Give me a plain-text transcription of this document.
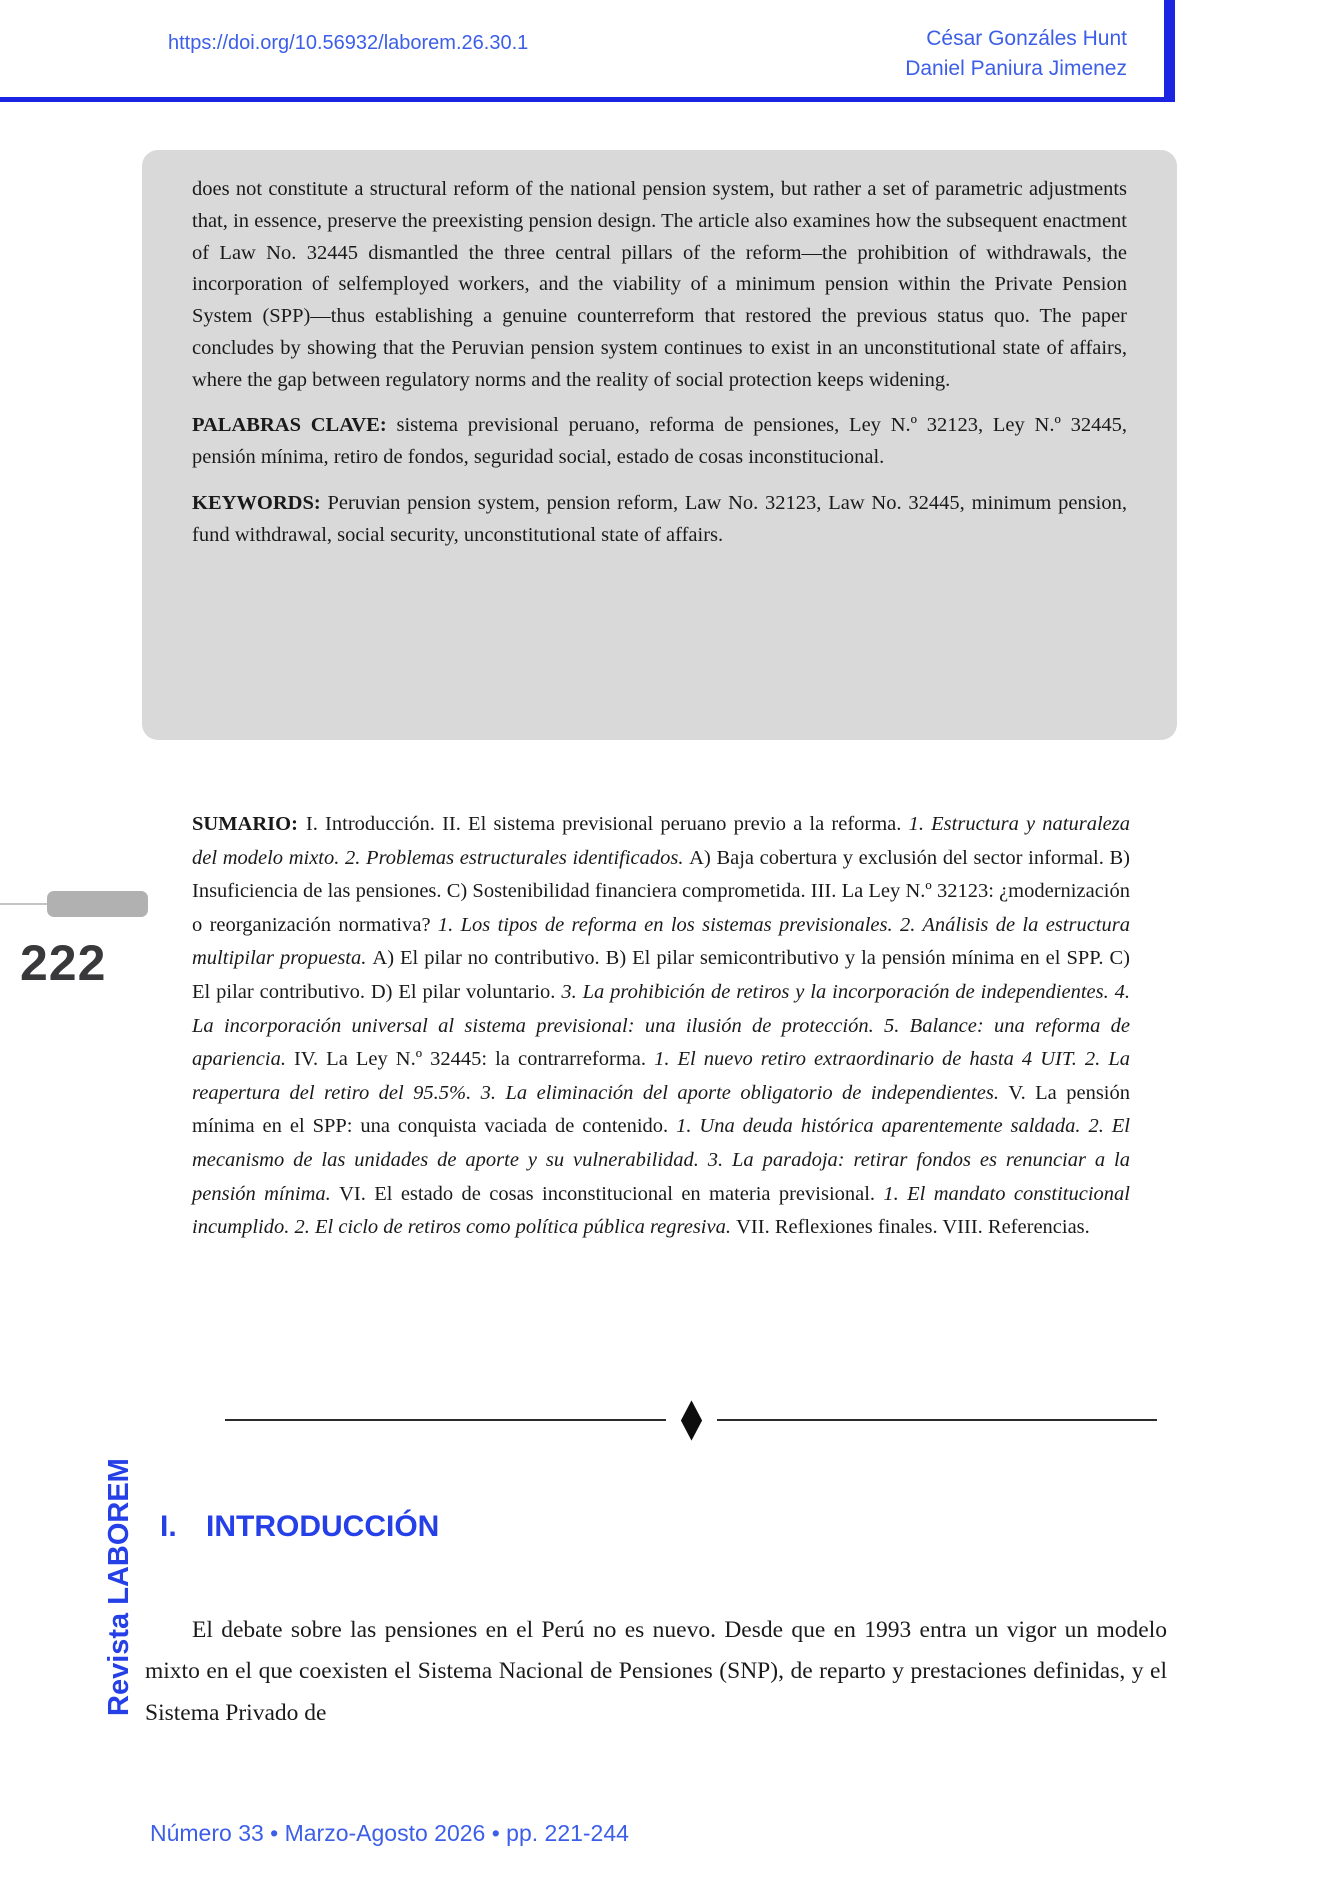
https://doi.org/10.56932/laborem.26.30.1	César Gonzáles Hunt
Daniel Paniura Jimenez

does not constitute a structural reform of the national pension system, but rather a set of parametric adjustments that, in essence, preserve the preexisting pension design. The article also examines how the subsequent enactment of Law No. 32445 dismantled the three central pillars of the reform—the prohibition of withdrawals, the incorporation of selfemployed workers, and the viability of a minimum pension within the Private Pension System (SPP)—thus establishing a genuine counterreform that restored the previous status quo. The paper concludes by showing that the Peruvian pension system continues to exist in an unconstitutional state of affairs, where the gap between regulatory norms and the reality of social protection keeps widening.

PALABRAS CLAVE: sistema previsional peruano, reforma de pensiones, Ley N.º 32123, Ley N.º 32445, pensión mínima, retiro de fondos, seguridad social, estado de cosas inconstitucional.

KEYWORDS: Peruvian pension system, pension reform, Law No. 32123, Law No. 32445, minimum pension, fund withdrawal, social security, unconstitutional state of affairs.

222
SUMARIO: I. Introducción. II. El sistema previsional peruano previo a la reforma. 1. Estructura y naturaleza del modelo mixto. 2. Problemas estructurales identificados. A) Baja cobertura y exclusión del sector informal. B) Insuficiencia de las pensiones. C) Sostenibilidad financiera comprometida. III. La Ley N.º 32123: ¿modernización o reorganización normativa? 1. Los tipos de reforma en los sistemas previsionales. 2. Análisis de la estructura multipilar propuesta. A) El pilar no contributivo. B) El pilar semicontributivo y la pensión mínima en el SPP. C) El pilar contributivo. D) El pilar voluntario. 3. La prohibición de retiros y la incorporación de independientes. 4. La incorporación universal al sistema previsional: una ilusión de protección. 5. Balance: una reforma de apariencia. IV. La Ley N.º 32445: la contrarreforma. 1. El nuevo retiro extraordinario de hasta 4 UIT. 2. La reapertura del retiro del 95.5%. 3. La eliminación del aporte obligatorio de independientes. V. La pensión mínima en el SPP: una conquista vaciada de contenido. 1. Una deuda histórica aparentemente saldada. 2. El mecanismo de las unidades de aporte y su vulnerabilidad. 3. La paradoja: retirar fondos es renunciar a la pensión mínima. VI. El estado de cosas inconstitucional en materia previsional. 1. El mandato constitucional incumplido. 2. El ciclo de retiros como política pública regresiva. VII. Reflexiones finales. VIII. Referencias.
I. INTRODUCCIÓN

El debate sobre las pensiones en el Perú no es nuevo. Desde que en 1993 entra un vigor un modelo mixto en el que coexisten el Sistema Nacional de Pensiones (SNP), de reparto y prestaciones definidas, y el Sistema Privado de

Revista LABOREM
Número 33 • Marzo-Agosto 2026 • pp. 221-244
